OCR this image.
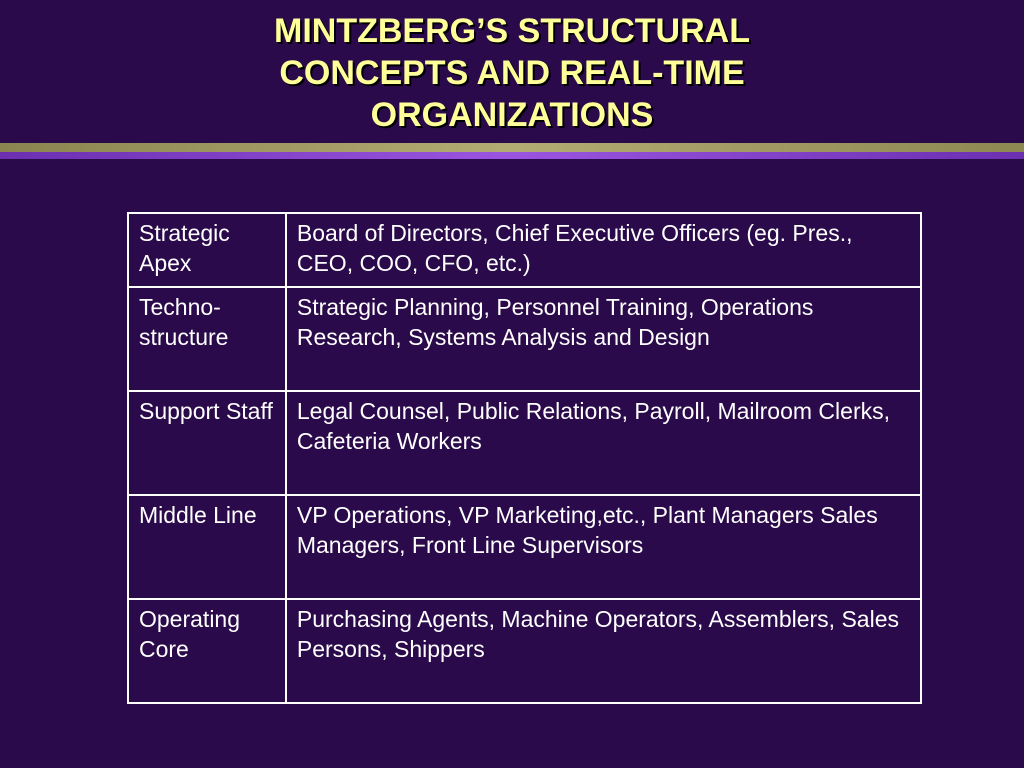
MINTZBERG’S STRUCTURAL
CONCEPTS AND REAL-TIME
ORGANIZATIONS
Strategic Apex	Board of Directors, Chief Executive Officers (eg. Pres., CEO, COO, CFO, etc.)
Techno-structure	Strategic Planning, Personnel Training, Operations Research, Systems Analysis and Design
Support Staff	Legal Counsel, Public Relations, Payroll, Mailroom Clerks, Cafeteria Workers
Middle Line	VP Operations, VP Marketing,etc., Plant Managers Sales Managers, Front Line Supervisors
Operating Core	Purchasing Agents, Machine Operators, Assemblers, Sales Persons, Shippers
